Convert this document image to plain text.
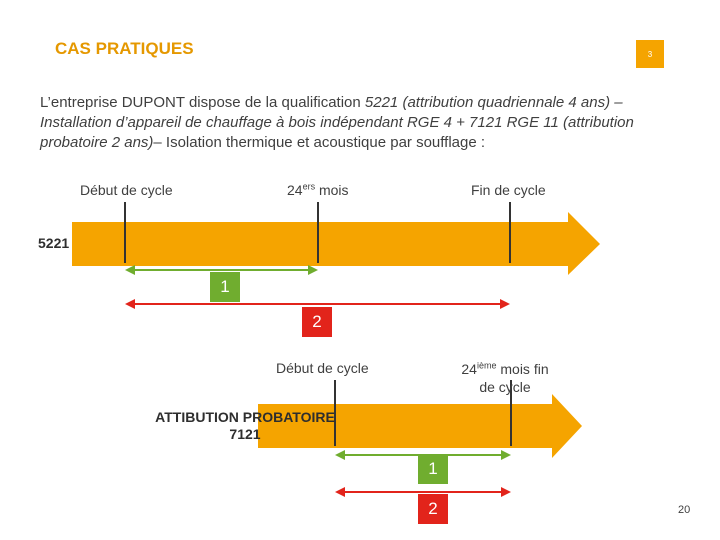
CAS PRATIQUES	3
L’entreprise DUPONT dispose de la qualification 5221 (attribution quadriennale 4 ans) – Installation d’appareil de chauffage à bois indépendant RGE 4 + 7121 RGE 11 (attribution probatoire 2 ans)– Isolation thermique et acoustique par soufflage :
Début de cycle	24ers mois	Fin de cycle
5221
1
2
Début de cycle	24ième mois fin
de cycle
ATTIBUTION PROBATOIRE
7121
1
2	20
